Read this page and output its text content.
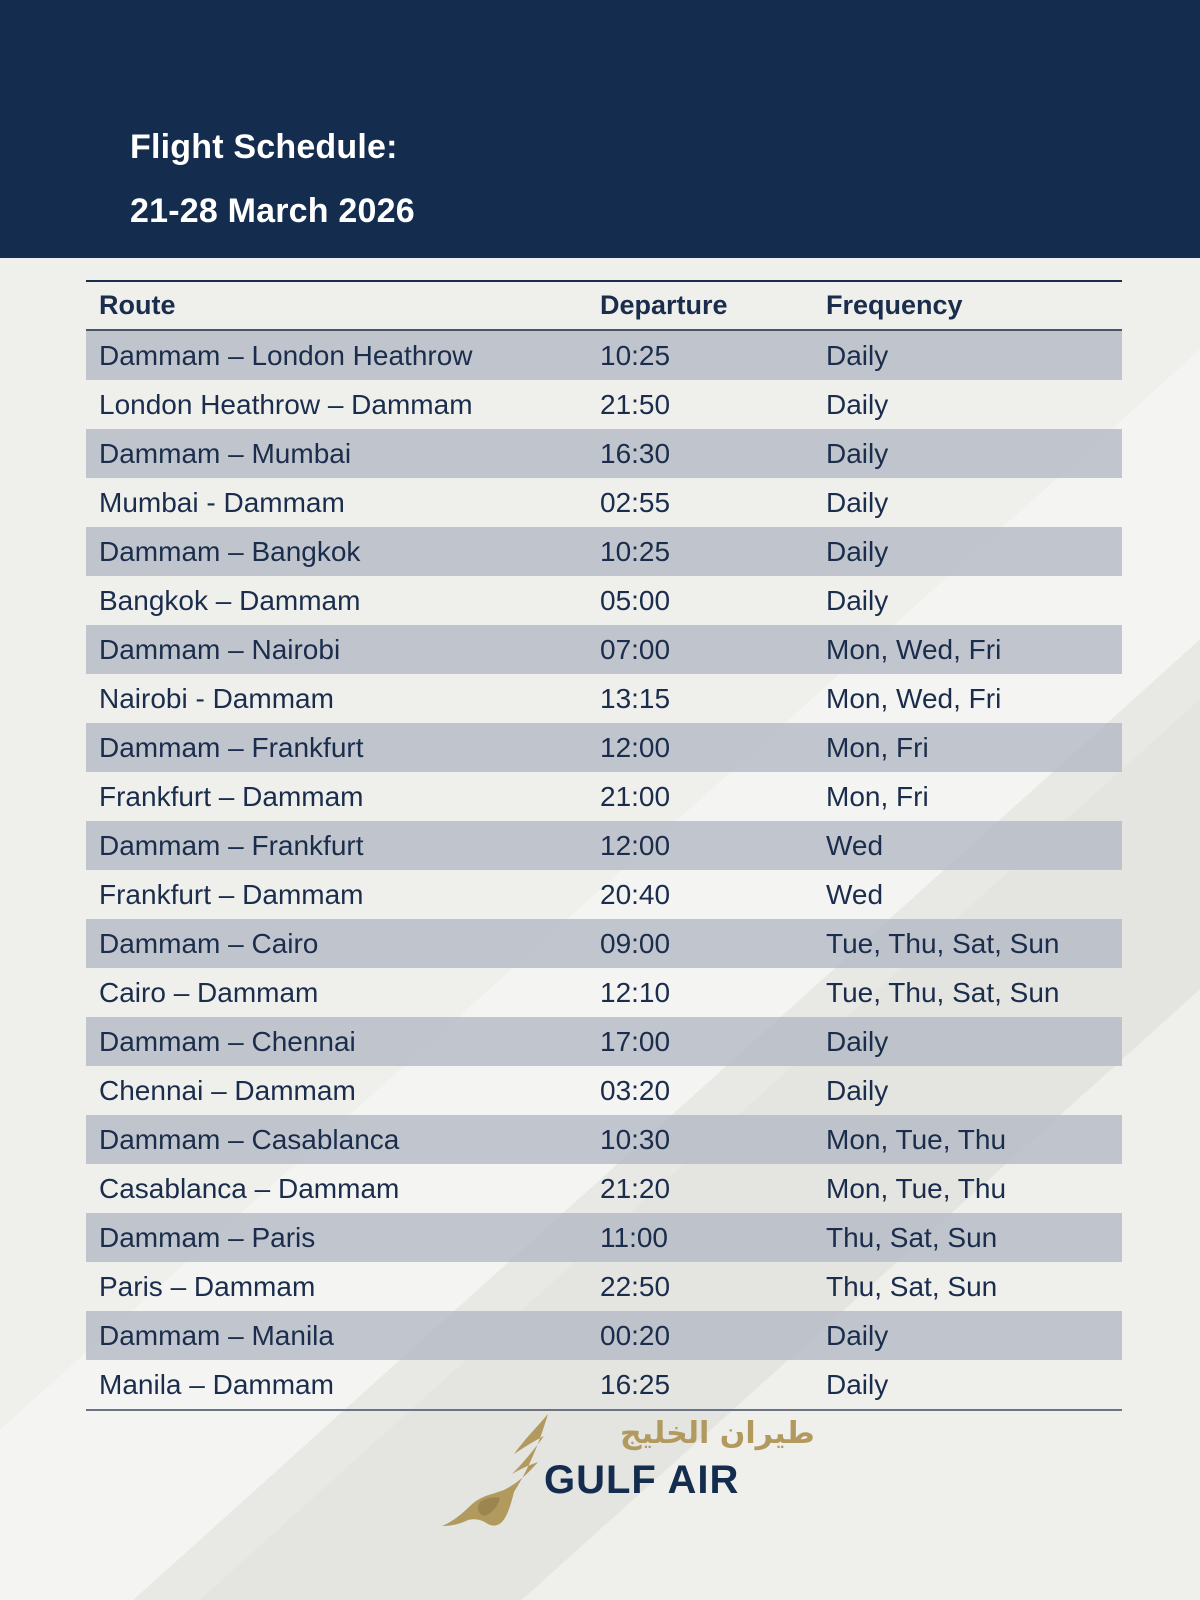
Flight Schedule:
21-28 March 2026
Route	Departure	Frequency
Dammam – London Heathrow	10:25	Daily
London Heathrow – Dammam	21:50	Daily
Dammam – Mumbai	16:30	Daily
Mumbai - Dammam	02:55	Daily
Dammam – Bangkok	10:25	Daily
Bangkok – Dammam	05:00	Daily
Dammam – Nairobi	07:00	Mon, Wed, Fri
Nairobi - Dammam	13:15	Mon, Wed, Fri
Dammam – Frankfurt	12:00	Mon, Fri
Frankfurt – Dammam	21:00	Mon, Fri
Dammam – Frankfurt	12:00	Wed
Frankfurt – Dammam	20:40	Wed
Dammam – Cairo	09:00	Tue, Thu, Sat, Sun
Cairo – Dammam	12:10	Tue, Thu, Sat, Sun
Dammam – Chennai	17:00	Daily
Chennai – Dammam	03:20	Daily
Dammam – Casablanca	10:30	Mon, Tue, Thu
Casablanca – Dammam	21:20	Mon, Tue, Thu
Dammam – Paris	11:00	Thu, Sat, Sun
Paris – Dammam	22:50	Thu, Sat, Sun
Dammam – Manila	00:20	Daily
Manila – Dammam	16:25	Daily
طيران الخليج
GULF AIR
